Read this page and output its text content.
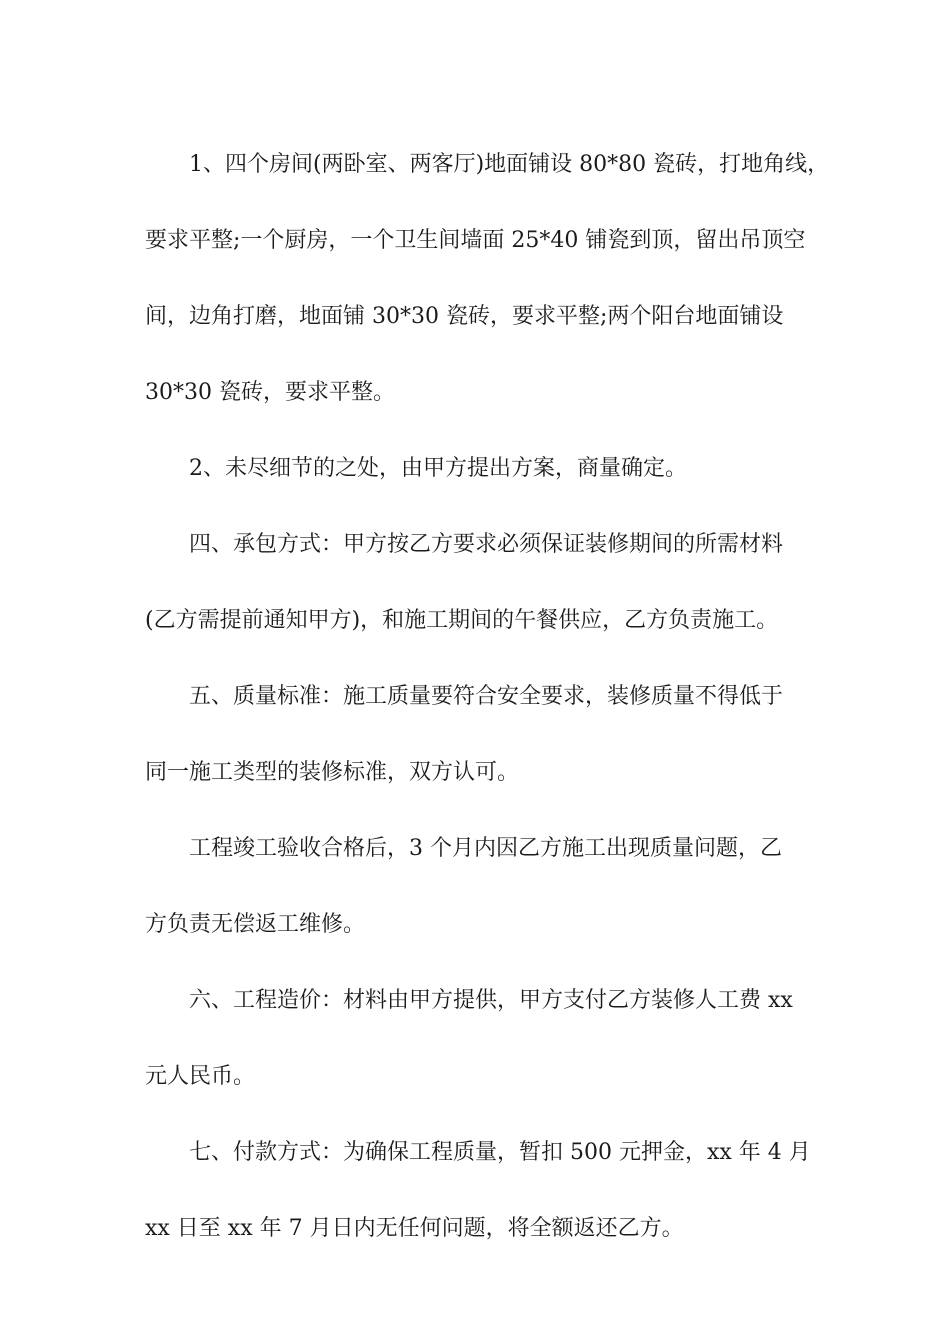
1、四个房间(两卧室、两客厅)地面铺设 80*80 瓷砖，打地角线，
要求平整;一个厨房，一个卫生间墙面 25*40 铺瓷到顶，留出吊顶空
间，边角打磨，地面铺 30*30 瓷砖，要求平整;两个阳台地面铺设
30*30 瓷砖，要求平整。
2、未尽细节的之处，由甲方提出方案，商量确定。
四、承包方式：甲方按乙方要求必须保证装修期间的所需材料
(乙方需提前通知甲方)，和施工期间的午餐供应，乙方负责施工。
五、质量标准：施工质量要符合安全要求，装修质量不得低于
同一施工类型的装修标准，双方认可。
工程竣工验收合格后，3 个月内因乙方施工出现质量问题，乙
方负责无偿返工维修。
六、工程造价：材料由甲方提供，甲方支付乙方装修人工费 xx
元人民币。
七、付款方式：为确保工程质量，暂扣 500 元押金，xx 年 4 月
xx 日至 xx 年 7 月日内无任何问题，将全额返还乙方。
